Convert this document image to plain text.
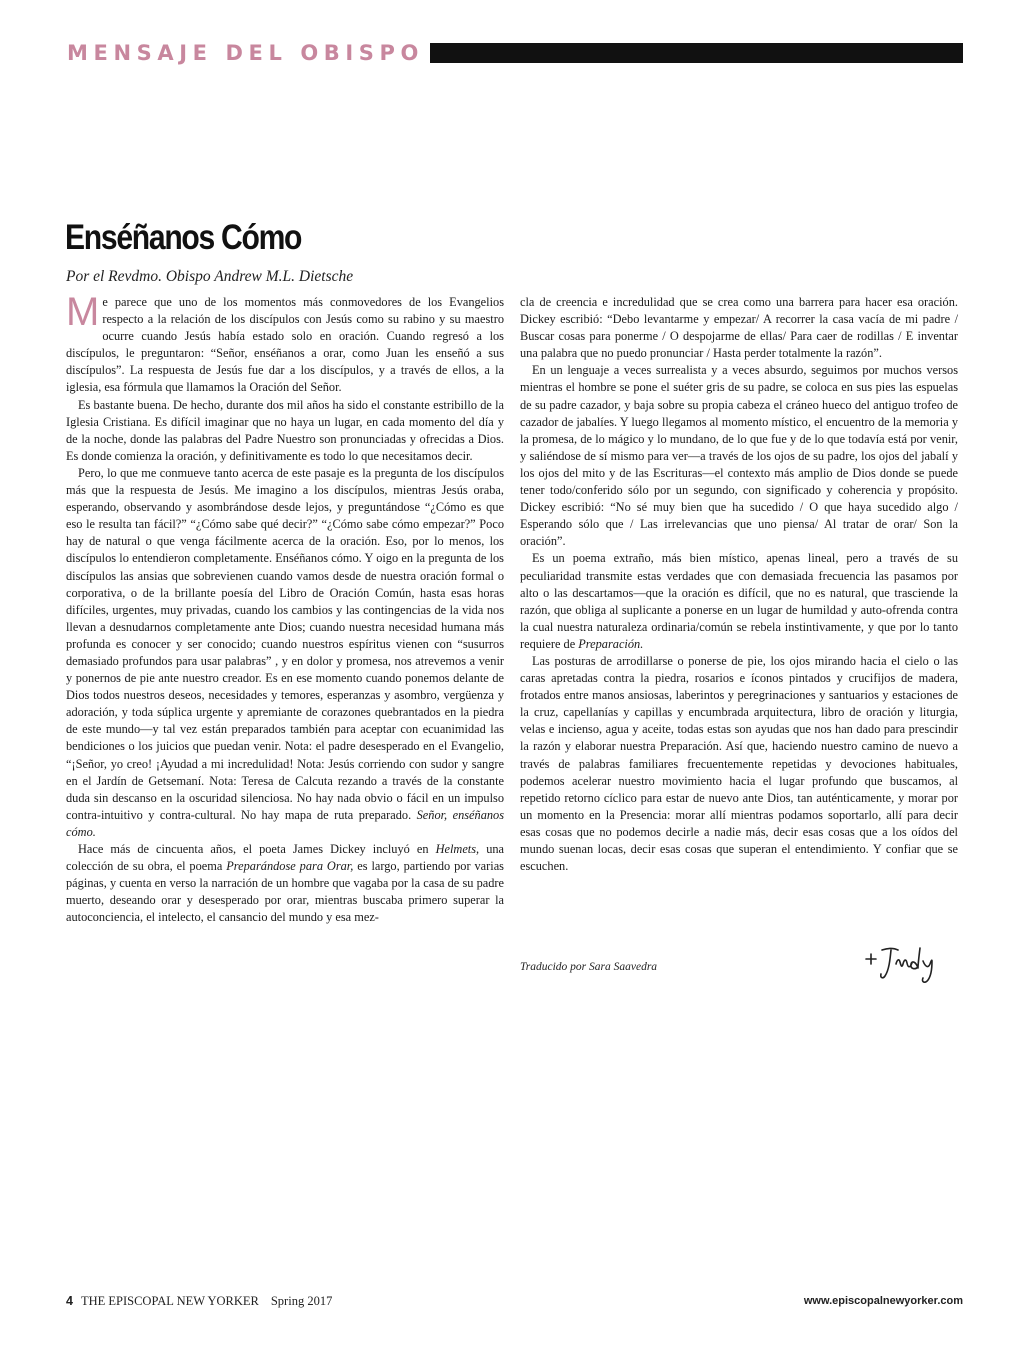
MENSAJE DEL OBISPO
Enséñanos Cómo
Por el Revdmo. Obispo Andrew M.L. Dietsche

Me parece que uno de los momentos más conmovedores de los Evangelios respecto a la relación de los discípulos con Jesús como su rabino y su maestro ocurre cuando Jesús había estado solo en oración. Cuando regresó a los discípulos, le preguntaron: “Señor, enséñanos a orar, como Juan les enseñó a sus discípulos”. La respuesta de Jesús fue dar a los discípulos, y a través de ellos, a la iglesia, esa fórmula que llamamos la Oración del Señor.

Es bastante buena. De hecho, durante dos mil años ha sido el constante estribillo de la Iglesia Cristiana. Es difícil imaginar que no haya un lugar, en cada momento del día y de la noche, donde las palabras del Padre Nuestro son pronunciadas y ofrecidas a Dios. Es donde comienza la oración, y definitivamente es todo lo que necesitamos decir.

Pero, lo que me conmueve tanto acerca de este pasaje es la pregunta de los discípulos más que la respuesta de Jesús. Me imagino a los discípulos, mientras Jesús oraba, esperando, observando y asombrándose desde lejos, y preguntándose “¿Cómo es que eso le resulta tan fácil?” “¿Cómo sabe qué decir?” “¿Cómo sabe cómo empezar?” Poco hay de natural o que venga fácilmente acerca de la oración. Eso, por lo menos, los discípulos lo entendieron completamente. Enséñanos cómo. Y oigo en la pregunta de los discípulos las ansias que sobrevienen cuando vamos desde de nuestra oración formal o corporativa, o de la brillante poesía del Libro de Oración Común, hasta esas horas difíciles, urgentes, muy privadas, cuando los cambios y las contingencias de la vida nos llevan a desnudarnos completamente ante Dios; cuando nuestra necesidad humana más profunda es conocer y ser conocido; cuando nuestros espíritus vienen con “susurros demasiado profundos para usar palabras” , y en dolor y promesa, nos atrevemos a venir y ponernos de pie ante nuestro creador. Es en ese momento cuando ponemos delante de Dios todos nuestros deseos, necesidades y temores, esperanzas y asombro, vergüenza y adoración, y toda súplica urgente y apremiante de corazones quebrantados en la piedra de este mundo—y tal vez están preparados también para aceptar con ecuanimidad las bendiciones o los juicios que puedan venir. Nota: el padre desesperado en el Evangelio, “¡Señor, yo creo! ¡Ayudad a mi incredulidad! Nota: Jesús corriendo con sudor y sangre en el Jardín de Getsemaní. Nota: Teresa de Calcuta rezando a través de la constante duda sin descanso en la oscuridad silenciosa. No hay nada obvio o fácil en un impulso contra-intuitivo y contra-cultural. No hay mapa de ruta preparado. Señor, enséñanos cómo.

Hace más de cincuenta años, el poeta James Dickey incluyó en Helmets, una colección de su obra, el poema Preparándose para Orar, es largo, partiendo por varias páginas, y cuenta en verso la narración de un hombre que vagaba por la casa de su padre muerto, deseando orar y desesperado por orar, mientras buscaba primero superar la autoconciencia, el intelecto, el cansancio del mundo y esa mez-

cla de creencia e incredulidad que se crea como una barrera para hacer esa oración. Dickey escribió: “Debo levantarme y empezar/ A recorrer la casa vacía de mi padre / Buscar cosas para ponerme / O despojarme de ellas/ Para caer de rodillas / E inventar una palabra que no puedo pronunciar / Hasta perder totalmente la razón”.

En un lenguaje a veces surrealista y a veces absurdo, seguimos por muchos versos mientras el hombre se pone el suéter gris de su padre, se coloca en sus pies las espuelas de su padre cazador, y baja sobre su propia cabeza el cráneo hueco del antiguo trofeo de cazador de jabalíes. Y luego llegamos al momento místico, el encuentro de la memoria y la promesa, de lo mágico y lo mundano, de lo que fue y de lo que todavía está por venir, y saliéndose de sí mismo para ver—a través de los ojos de su padre, los ojos del jabalí y los ojos del mito y de las Escrituras—el contexto más amplio de Dios donde se puede tener todo/conferido sólo por un segundo, con significado y coherencia y propósito. Dickey escribió: “No sé muy bien que ha sucedido / O que haya sucedido algo / Esperando sólo que / Las irrelevancias que uno piensa/ Al tratar de orar/ Son la oración”.

Es un poema extraño, más bien místico, apenas lineal, pero a través de su peculiaridad transmite estas verdades que con demasiada frecuencia las pasamos por alto o las descartamos—que la oración es difícil, que no es natural, que trasciende la razón, que obliga al suplicante a ponerse en un lugar de humildad y auto-ofrenda contra la cual nuestra naturaleza ordinaria/común se rebela instintivamente, y que por lo tanto requiere de Preparación.

Las posturas de arrodillarse o ponerse de pie, los ojos mirando hacia el cielo o las caras apretadas contra la piedra, rosarios e íconos pintados y crucifijos de madera, frotados entre manos ansiosas, laberintos y peregrinaciones y santuarios y estaciones de la cruz, capellanías y capillas y encumbrada arquitectura, libro de oración y liturgia, velas e incienso, agua y aceite, todas estas son ayudas que nos han dado para prescindir la razón y elaborar nuestra Preparación. Así que, haciendo nuestro camino de nuevo a través de palabras familiares frecuentemente repetidas y devociones habituales, podemos acelerar nuestro movimiento hacia el lugar profundo que buscamos, al repetido retorno cíclico para estar de nuevo ante Dios, tan auténticamente, y morar por un momento en la Presencia: morar allí mientras podamos soportarlo, allí para decir esas cosas que no podemos decirle a nadie más, decir esas cosas que a los oídos del mundo suenan locas, decir esas cosas que superan el entendimiento. Y confiar que se escuchen.

Traducido por Sara Saavedra
4 THE EPISCOPAL NEW YORKER Spring 2017	www.episcopalnewyorker.com
